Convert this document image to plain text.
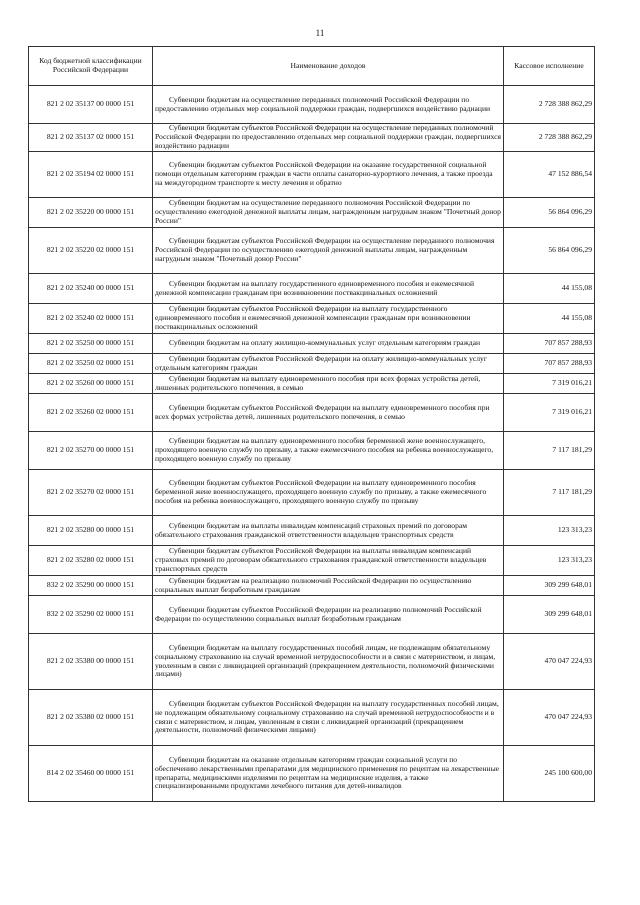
11
Код бюджетной классификации Российской Федерации	Наименование доходов	Кассовое исполнение
821 2 02 35137 00 0000 151	Субвенции бюджетам на осуществление переданных полномочий Российской Федерации по предоставлению отдельных мер социальной поддержки граждан, подвергшихся воздействию радиации	2 728 388 862,29
821 2 02 35137 02 0000 151	Субвенции бюджетам субъектов Российской Федерации на осуществление переданных полномочий Российской Федерации по предоставлению отдельных мер социальной поддержки граждан, подвергшихся воздействию радиации	2 728 388 862,29
821 2 02 35194 02 0000 151	Субвенции бюджетам субъектов Российской Федерации на оказание государственной социальной помощи отдельным категориям граждан в части оплаты санаторно-курортного лечения, а также проезда на междугородном транспорте к месту лечения и обратно	47 152 886,54
821 2 02 35220 00 0000 151	Субвенции бюджетам на осуществление переданного полномочия Российской Федерации по осуществлению ежегодной денежной выплаты лицам, награжденным нагрудным знаком "Почетный донор России"	56 864 096,29
821 2 02 35220 02 0000 151	Субвенции бюджетам субъектов Российской Федерации на осуществление переданного полномочия Российской Федерации по осуществлению ежегодной денежной выплаты лицам, награжденным нагрудным знаком "Почетный донор России"	56 864 096,29
821 2 02 35240 00 0000 151	Субвенции бюджетам на выплату государственного единовременного пособия и ежемесячной денежной компенсации гражданам при возникновении поствакцинальных осложнений	44 155,08
821 2 02 35240 02 0000 151	Субвенции бюджетам субъектов Российской Федерации на выплату государственного единовременного пособия и ежемесячной денежной компенсации гражданам при возникновении поствакцинальных осложнений	44 155,08
821 2 02 35250 00 0000 151	Субвенции бюджетам на оплату жилищно-коммунальных услуг отдельным категориям граждан	707 857 288,93
821 2 02 35250 02 0000 151	Субвенции бюджетам субъектов Российской Федерации на оплату жилищно-коммунальных услуг отдельным категориям граждан	707 857 288,93
821 2 02 35260 00 0000 151	Субвенции бюджетам на выплату единовременного пособия при всех формах устройства детей, лишенных родительского попечения, в семью	7 319 016,21
821 2 02 35260 02 0000 151	Субвенции бюджетам субъектов Российской Федерации на выплату единовременного пособия при всех формах устройства детей, лишенных родительского попечения, в семью	7 319 016,21
821 2 02 35270 00 0000 151	Субвенции бюджетам на выплату единовременного пособия беременной жене военнослужащего, проходящего военную службу по призыву, а также ежемесячного пособия на ребенка военнослужащего, проходящего военную службу по призыву	7 117 181,29
821 2 02 35270 02 0000 151	Субвенции бюджетам субъектов Российской Федерации на выплату единовременного пособия беременной жене военнослужащего, проходящего военную службу по призыву, а также ежемесячного пособия на ребенка военнослужащего, проходящего военную службу по призыву	7 117 181,29
821 2 02 35280 00 0000 151	Субвенции бюджетам на выплаты инвалидам компенсаций страховых премий по договорам обязательного страхования гражданской ответственности владельцев транспортных средств	123 313,23
821 2 02 35280 02 0000 151	Субвенции бюджетам субъектов Российской Федерации на выплаты инвалидам компенсаций страховых премий по договорам обязательного страхования гражданской ответственности владельцев транспортных средств	123 313,23
832 2 02 35290 00 0000 151	Субвенции бюджетам на реализацию полномочий Российской Федерации по осуществлению социальных выплат безработным гражданам	309 299 648,01
832 2 02 35290 02 0000 151	Субвенции бюджетам субъектов Российской Федерации на реализацию полномочий Российской Федерации по осуществлению социальных выплат безработным гражданам	309 299 648,01
821 2 02 35380 00 0000 151	Субвенции бюджетам на выплату государственных пособий лицам, не подлежащим обязательному социальному страхованию на случай временной нетрудоспособности и в связи с материнством, и лицам, уволенным в связи с ликвидацией организаций (прекращением деятельности, полномочий физическими лицами)	470 047 224,93
821 2 02 35380 02 0000 151	Субвенции бюджетам субъектов Российской Федерации на выплату государственных пособий лицам, не подлежащим обязательному социальному страхованию на случай временной нетрудоспособности и в связи с материнством, и лицам, уволенным в связи с ликвидацией организаций (прекращением деятельности, полномочий физическими лицами)	470 047 224,93
814 2 02 35460 00 0000 151	Субвенции бюджетам на оказание отдельным категориям граждан социальной услуги по обеспечению лекарственными препаратами для медицинского применения по рецептам на лекарственные препараты, медицинскими изделиями по рецептам на медицинские изделия, а также специализированными продуктами лечебного питания для детей-инвалидов	245 100 600,00
